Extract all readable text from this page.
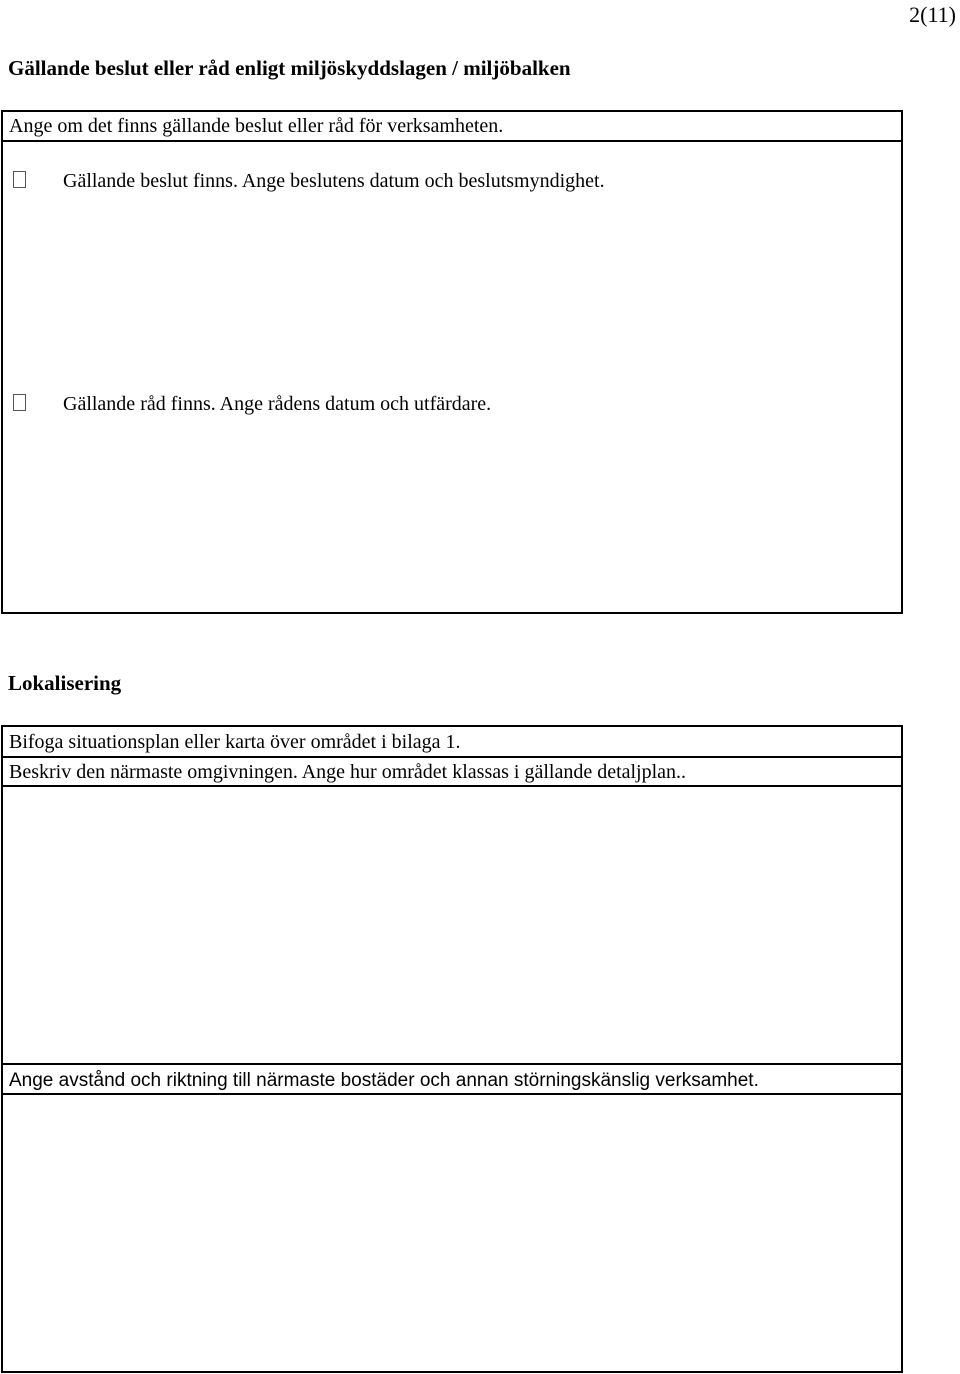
2(11)
Gällande beslut eller råd enligt miljöskyddslagen / miljöbalken
Ange om det finns gällande beslut eller råd för verksamheten.
Gällande beslut finns. Ange beslutens datum och beslutsmyndighet.
Gällande råd finns. Ange rådens datum och utfärdare.
Lokalisering
Bifoga situationsplan eller karta över området i bilaga 1.
Beskriv den närmaste omgivningen. Ange hur området klassas i gällande detaljplan..
Ange avstånd och riktning till närmaste bostäder och annan störningskänslig verksamhet.
